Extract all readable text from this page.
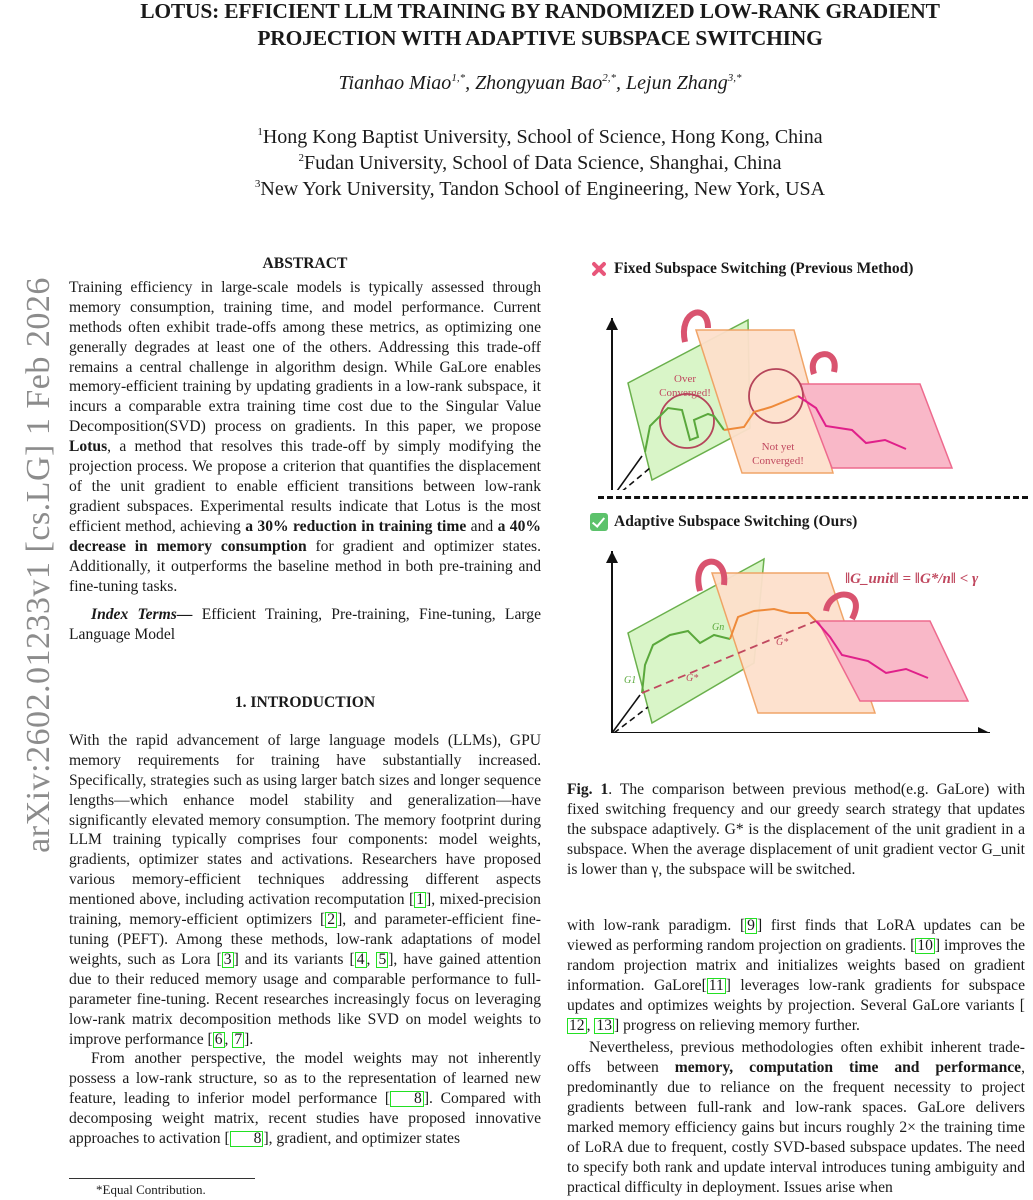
LOTUS: EFFICIENT LLM TRAINING BY RANDOMIZED LOW-RANK GRADIENT
PROJECTION WITH ADAPTIVE SUBSPACE SWITCHING
Tianhao Miao$^{1,*}$, Zhongyuan Bao$^{2,*}$, Lejun Zhang$^{3,*}$
$^1$Hong Kong Baptist University, School of Science, Hong Kong, China
$^2$Fudan University, School of Data Science, Shanghai, China
$^3$New York University, Tandon School of Engineering, New York, USA
arXiv:2602.01233v1 [cs.LG] 1 Feb 2026
ABSTRACT

Training efficiency in large-scale models is typically assessed through memory consumption, training time, and model performance. Current methods often exhibit trade-offs among these metrics, as optimizing one generally degrades at least one of the others. Addressing this trade-off remains a central challenge in algorithm design. While GaLore enables memory-efficient training by updating gradients in a low-rank subspace, it incurs a comparable extra training time cost due to the Singular Value Decomposition(SVD) process on gradients. In this paper, we propose Lotus, a method that resolves this trade-off by simply modifying the projection process. We propose a criterion that quantifies the displacement of the unit gradient to enable efficient transitions between low-rank gradient subspaces. Experimental results indicate that Lotus is the most efficient method, achieving a 30% reduction in training time and a 40% decrease in memory consumption for gradient and optimizer states. Additionally, it outperforms the baseline method in both pre-training and fine-tuning tasks.

Index Terms— Efficient Training, Pre-training, Fine-tuning, Large Language Model

1. INTRODUCTION

With the rapid advancement of large language models (LLMs), GPU memory requirements for training have substantially increased. Specifically, strategies such as using larger batch sizes and longer sequence lengths—which enhance model stability and generalization—have significantly elevated memory consumption. The memory footprint during LLM training typically comprises four components: model weights, gradients, optimizer states and activations. Researchers have proposed various memory-efficient techniques addressing different aspects mentioned above, including activation recomputation [ 1 ], mixed-precision training, memory-efficient optimizers [ 2 ], and parameter-efficient fine-tuning (PEFT). Among these methods, low-rank adaptations of model weights, such as Lora [ 3 ] and its variants [ 4 , 5 ], have gained attention due to their reduced memory usage and comparable performance to full-parameter fine-tuning. Recent researches increasingly focus on leveraging low-rank matrix decomposition methods like SVD on model weights to improve performance [ 6 , 7 ].

From another perspective, the model weights may not inherently possess a low-rank structure, so as to the representation of learned new feature, leading to inferior model performance [ 8 ]. Compared with decomposing weight matrix, recent studies have proposed innovative approaches to activation [ 8 ], gradient, and optimizer states

*Equal Contribution.
Fixed Subspace Switching (Previous Method)
Over
Converged!
Not yet
Converged!
Adaptive Subspace Switching (Ours)
G1
Gn
G*
G*
‖G_unit‖ = ‖G*/n‖ < γ
Fig. 1. The comparison between previous method(e.g. GaLore) with fixed switching frequency and our greedy search strategy that updates the subspace adaptively. G* is the displacement of the unit gradient in a subspace. When the average displacement of unit gradient vector G_unit is lower than γ, the subspace will be switched.

with low-rank paradigm. [ 9 ] first finds that LoRA updates can be viewed as performing random projection on gradients. [ 10 ] improves the random projection matrix and initializes weights based on gradient information. GaLore[ 11 ] leverages low-rank gradients for subspace updates and optimizes weights by projection. Several GaLore variants [12 , 13 ] progress on relieving memory further.

Nevertheless, previous methodologies often exhibit inherent trade-offs between memory, computation time and performance, predominantly due to reliance on the frequent necessity to project gradients between full-rank and low-rank spaces. GaLore delivers marked memory efficiency gains but incurs roughly 2× the training time of LoRA due to frequent, costly SVD-based subspace updates. The need to specify both rank and update interval introduces tuning ambiguity and practical difficulty in deployment. Issues arise when
